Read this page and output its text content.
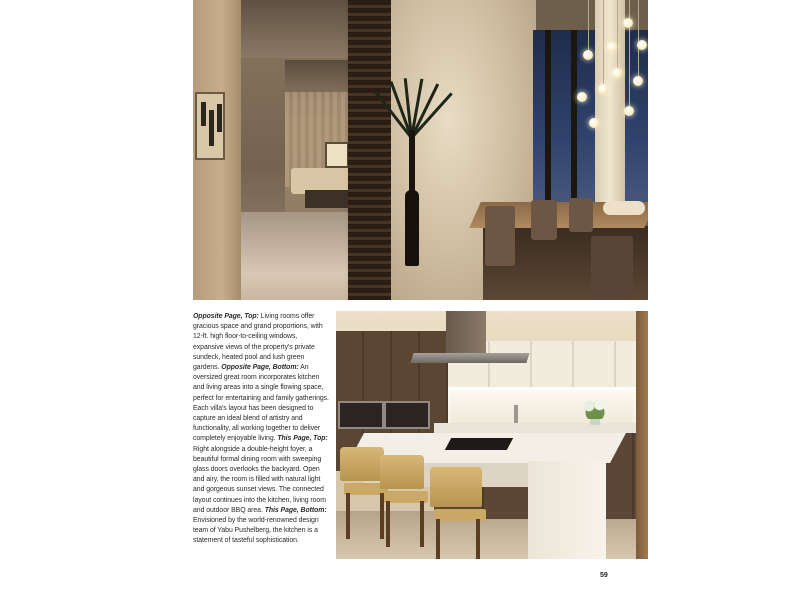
Opposite Page, Top: Living rooms offer gracious space and grand proportions, with 12-ft. high floor-to-ceiling windows, expansive views of the property's private sundeck, heated pool and lush green gardens. Opposite Page, Bottom: An oversized great room incorporates kitchen and living areas into a single flowing space, perfect for entertaining and family gatherings. Each villa's layout has been designed to capture an ideal blend of artistry and functionality, all working together to deliver completely enjoyable living. This Page, Top: Right alongside a double-height foyer, a beautiful formal dining room with sweeping glass doors overlooks the backyard. Open and airy, the room is filled with natural light and gorgeous sunset views. The connected layout continues into the kitchen, living room and outdoor BBQ area. This Page, Bottom: Envisioned by the world-renowned design team of Yabu Pushelberg, the kitchen is a statement of tasteful sophistication.
59
